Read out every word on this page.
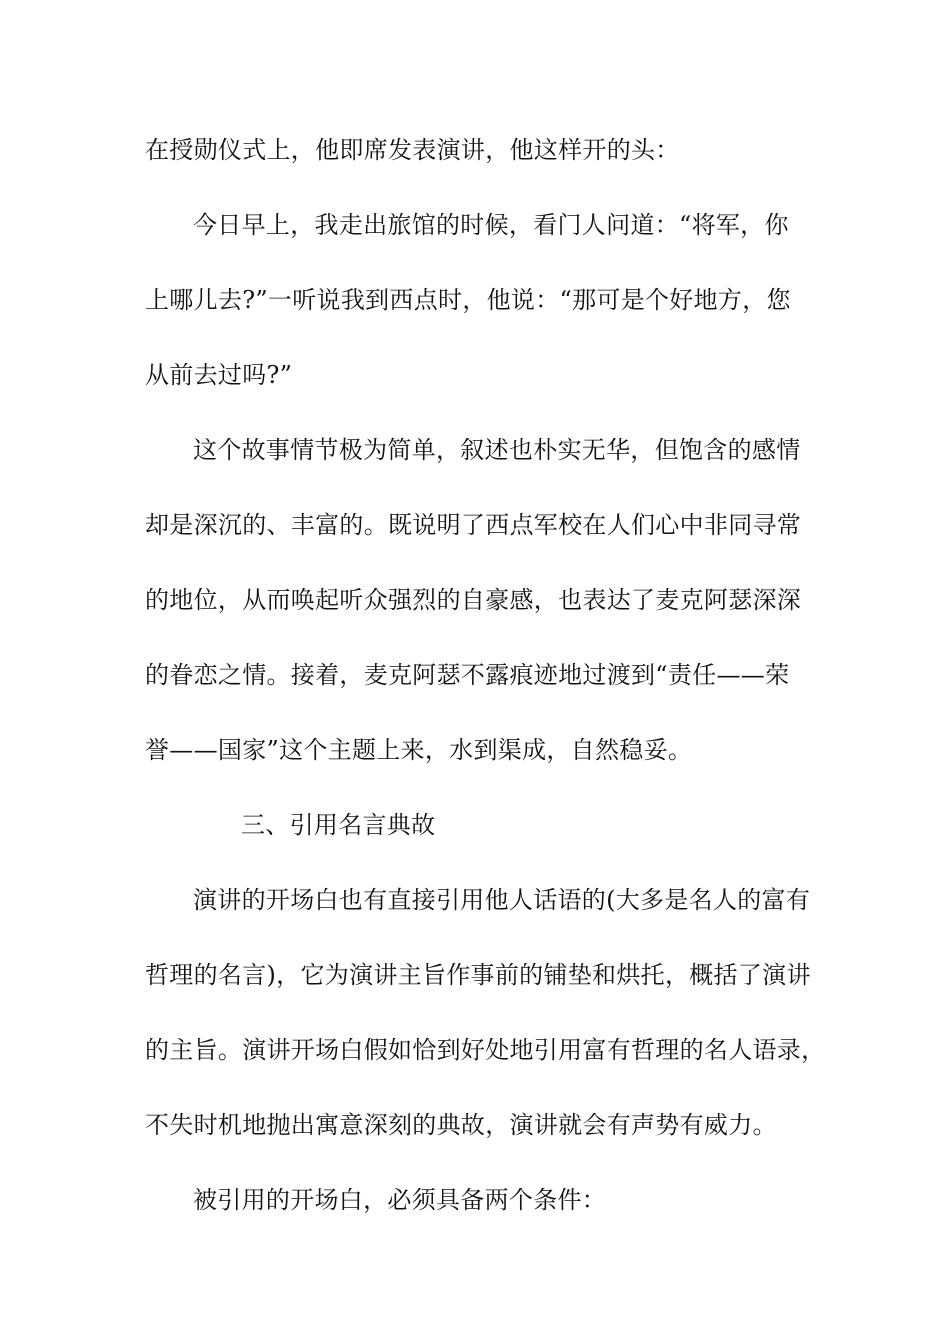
在授勋仪式上，他即席发表演讲，他这样开的头：
今日早上，我走出旅馆的时候，看门人问道：“将军，你
上哪儿去?”一听说我到西点时，他说：“那可是个好地方，您
从前去过吗?”
这个故事情节极为简单，叙述也朴实无华，但饱含的感情
却是深沉的、丰富的。既说明了西点军校在人们心中非同寻常
的地位，从而唤起听众强烈的自豪感，也表达了麦克阿瑟深深
的眷恋之情。接着，麦克阿瑟不露痕迹地过渡到“责任——荣
誉——国家”这个主题上来，水到渠成，自然稳妥。
三、引用名言典故
演讲的开场白也有直接引用他人话语的(大多是名人的富有
哲理的名言)，它为演讲主旨作事前的铺垫和烘托，概括了演讲
的主旨。演讲开场白假如恰到好处地引用富有哲理的名人语录，
不失时机地抛出寓意深刻的典故，演讲就会有声势有威力。
被引用的开场白，必须具备两个条件：
